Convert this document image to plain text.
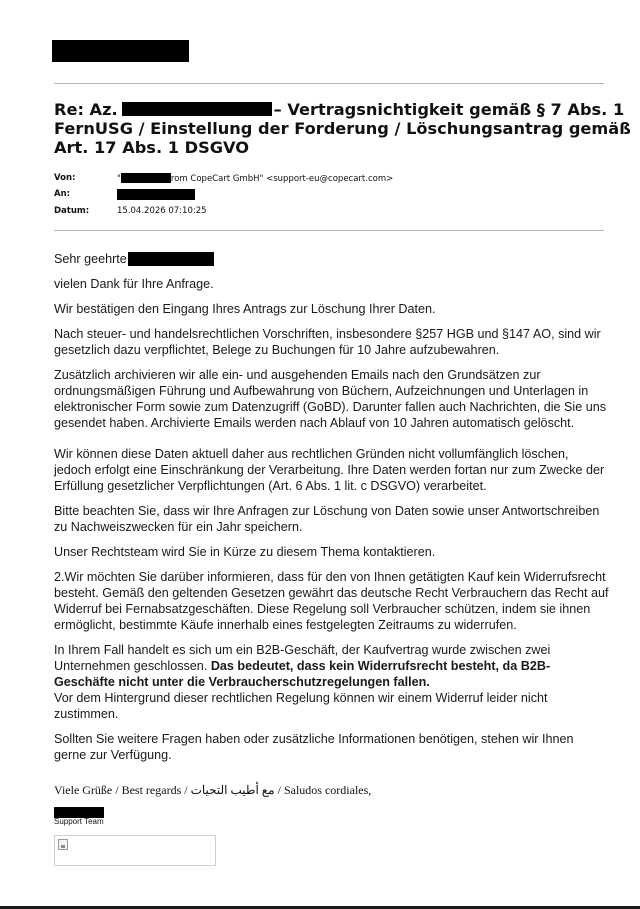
Re: Az.	– Vertragsnichtigkeit gemäß § 7 Abs. 1
FernUSG / Einstellung der Forderung / Löschungsantrag gemäß
Art. 17 Abs. 1 DSGVO
Von:	"	rom CopeCart GmbH" <support-eu@copecart.com>
An:
Datum:	15.04.2026 07:10:25

Sehr geehrte

vielen Dank für Ihre Anfrage.

Wir bestätigen den Eingang Ihres Antrags zur Löschung Ihrer Daten.

Nach steuer- und handelsrechtlichen Vorschriften, insbesondere §257 HGB und §147 AO, sind wir gesetzlich dazu verpflichtet, Belege zu Buchungen für 10 Jahre aufzubewahren.

Zusätzlich archivieren wir alle ein- und ausgehenden Emails nach den Grundsätzen zur ordnungsmäßigen Führung und Aufbewahrung von Büchern, Aufzeichnungen und Unterlagen in elektronischer Form sowie zum Datenzugriff (GoBD). Darunter fallen auch Nachrichten, die Sie uns gesendet haben. Archivierte Emails werden nach Ablauf von 10 Jahren automatisch gelöscht.

Wir können diese Daten aktuell daher aus rechtlichen Gründen nicht vollumfänglich löschen, jedoch erfolgt eine Einschränkung der Verarbeitung. Ihre Daten werden fortan nur zum Zwecke der Erfüllung gesetzlicher Verpflichtungen (Art. 6 Abs. 1 lit. c DSGVO) verarbeitet.

Bitte beachten Sie, dass wir Ihre Anfragen zur Löschung von Daten sowie unser Antwortschreiben zu Nachweiszwecken für ein Jahr speichern.

Unser Rechtsteam wird Sie in Kürze zu diesem Thema kontaktieren.

2.Wir möchten Sie darüber informieren, dass für den von Ihnen getätigten Kauf kein Widerrufsrecht besteht. Gemäß den geltenden Gesetzen gewährt das deutsche Recht Verbrauchern das Recht auf Widerruf bei Fernabsatzgeschäften. Diese Regelung soll Verbraucher schützen, indem sie ihnen ermöglicht, bestimmte Käufe innerhalb eines festgelegten Zeitraums zu widerrufen.

In Ihrem Fall handelt es sich um ein B2B-Geschäft, der Kaufvertrag wurde zwischen zwei Unternehmen geschlossen. Das bedeutet, dass kein Widerrufsrecht besteht, da B2B-Geschäfte nicht unter die Verbraucherschutzregelungen fallen.
Vor dem Hintergrund dieser rechtlichen Regelung können wir einem Widerruf leider nicht zustimmen.

Sollten Sie weitere Fragen haben oder zusätzliche Informationen benötigen, stehen wir Ihnen gerne zur Verfügung.

Viele Grüße / Best regards / مع أطيب التحيات / Saludos cordiales,
Support Team
